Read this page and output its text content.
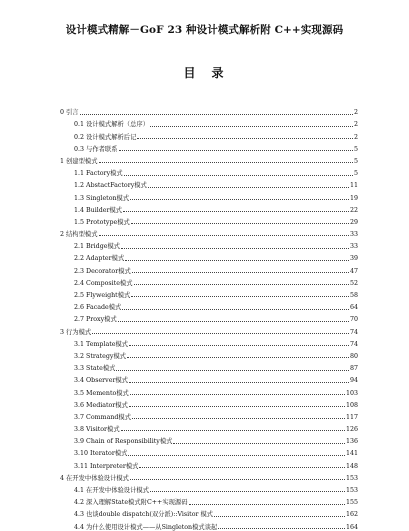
设计模式精解－GoF 23 种设计模式解析附 C++实现源码
目　录
0 引言	2
0.1 设计模式解析（总序）	2
0.2 设计模式解析后记	2
0.3 与作者联系	5
1 创建型模式	5
1.1 Factory模式	5
1.2 AbstactFactory模式	11
1.3 Singleton模式	19
1.4 Builder模式	22
1.5 Prototype模式	29
2 结构型模式	33
2.1 Bridge模式	33
2.2 Adapter模式	39
2.3 Decorator模式	47
2.4 Composite模式	52
2.5 Flyweight模式	58
2.6 Facade模式	64
2.7 Proxy模式	70
3 行为模式	74
3.1 Template模式	74
3.2 Strategy模式	80
3.3 State模式	87
3.4 Observer模式	94
3.5 Memento模式	103
3.6 Mediator模式	108
3.7 Command模式	117
3.8 Visitor模式	126
3.9 Chain of Responsibility模式	136
3.10 Iterator模式	141
3.11 Interpreter模式	148
4 在开发中体验设计模式	153
4.1 在开发中体验设计模式	153
4.2 深入理解State模式附C++实现源码	155
4.3 也谈double dispatch(双分派)::Visitor 模式	162
4.4 为什么使用设计模式——从Singleton模式谈起	164
